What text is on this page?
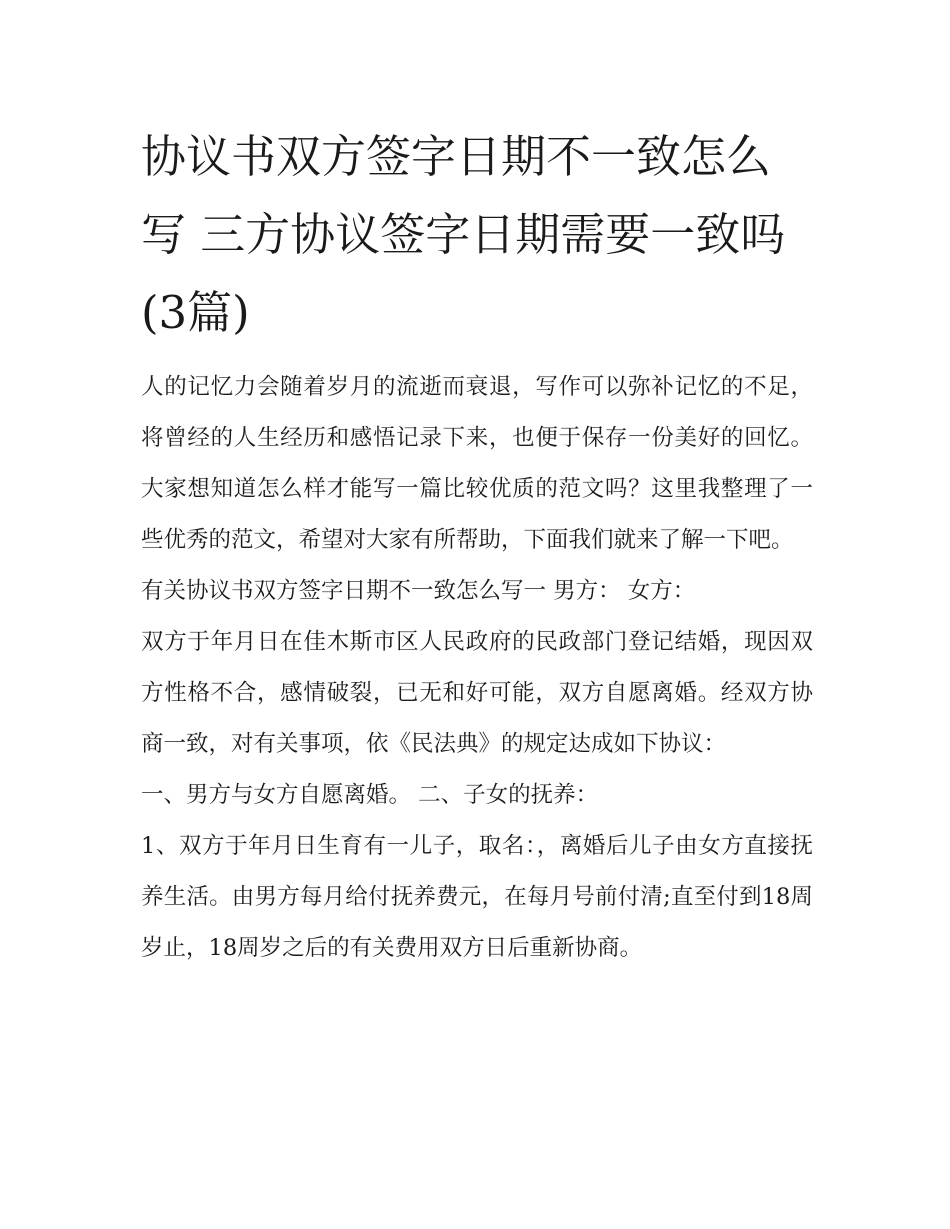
协议书双方签字日期不一致怎么写 三方协议签字日期需要一致吗(3篇)

人的记忆力会随着岁月的流逝而衰退，写作可以弥补记忆的不足，将曾经的人生经历和感悟记录下来，也便于保存一份美好的回忆。大家想知道怎么样才能写一篇比较优质的范文吗？这里我整理了一些优秀的范文，希望对大家有所帮助，下面我们就来了解一下吧。

有关协议书双方签字日期不一致怎么写一 男方： 女方：

双方于年月日在佳木斯市区人民政府的民政部门登记结婚，现因双方性格不合，感情破裂，已无和好可能，双方自愿离婚。经双方协商一致，对有关事项，依《民法典》的规定达成如下协议：

一、男方与女方自愿离婚。 二、子女的抚养：

1、双方于年月日生育有一儿子，取名：，离婚后儿子由女方直接抚养生活。由男方每月给付抚养费元，在每月号前付清;直至付到18周岁止，18周岁之后的有关费用双方日后重新协商。
